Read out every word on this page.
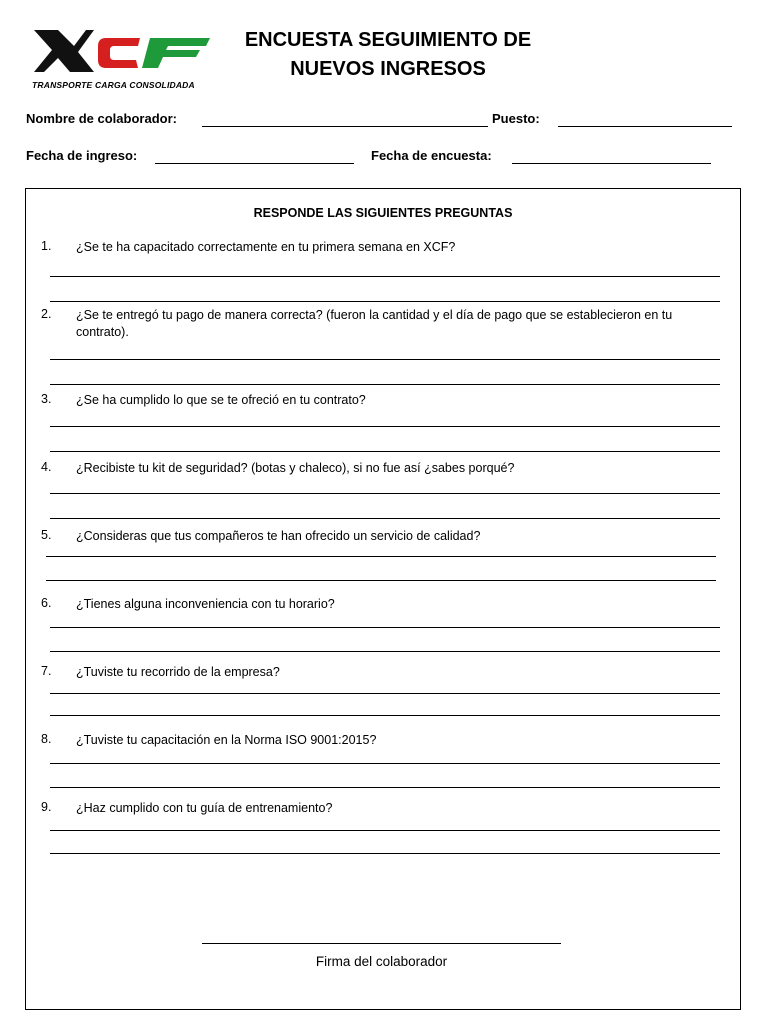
TRANSPORTE CARGA CONSOLIDADA
ENCUESTA SEGUIMIENTO DE
NUEVOS INGRESOS
Nombre de colaborador:	Puesto:
Fecha de ingreso:	Fecha de encuesta:
RESPONDE LAS SIGUIENTES PREGUNTAS
1. ¿Se te ha capacitado correctamente en tu primera semana en XCF?
2. ¿Se te entregó tu pago de manera correcta? (fueron la cantidad y el día de pago que se establecieron en tu contrato).
3. ¿Se ha cumplido lo que se te ofreció en tu contrato?
4. ¿Recibiste tu kit de seguridad? (botas y chaleco), si no fue así ¿sabes porqué?
5. ¿Consideras que tus compañeros te han ofrecido un servicio de calidad?
6. ¿Tienes alguna inconveniencia con tu horario?
7. ¿Tuviste tu recorrido de la empresa?
8. ¿Tuviste tu capacitación en la Norma ISO 9001:2015?
9. ¿Haz cumplido con tu guía de entrenamiento?
Firma del colaborador
